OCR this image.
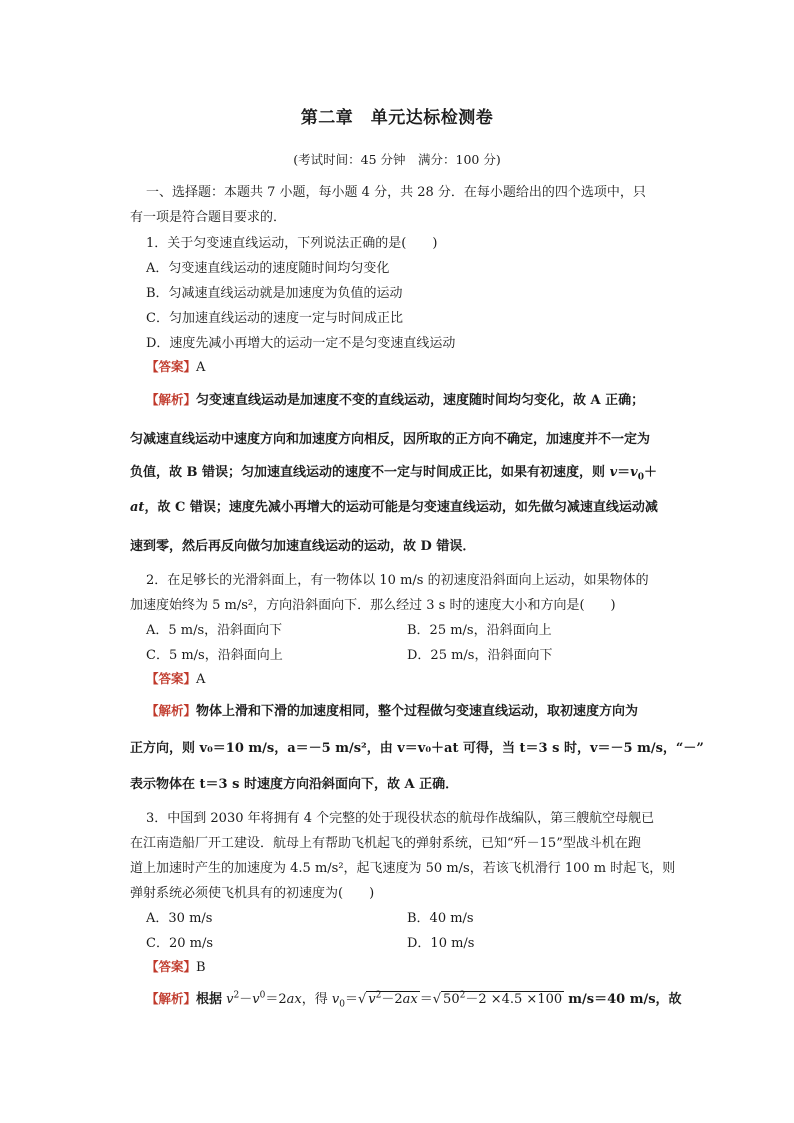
第二章　单元达标检测卷
(考试时间：45 分钟　满分：100 分)
一、选择题：本题共 7 小题，每小题 4 分，共 28 分．在每小题给出的四个选项中，只
有一项是符合题目要求的．
1．关于匀变速直线运动，下列说法正确的是(　　)
A．匀变速直线运动的速度随时间均匀变化
B．匀减速直线运动就是加速度为负值的运动
C．匀加速直线运动的速度一定与时间成正比
D．速度先减小再增大的运动一定不是匀变速直线运动
【答案】A
【解析】匀变速直线运动是加速度不变的直线运动，速度随时间均匀变化，故 A 正确；
匀减速直线运动中速度方向和加速度方向相反，因所取的正方向不确定，加速度并不一定为
负值，故 B 错误；匀加速直线运动的速度不一定与时间成正比，如果有初速度，则 $v=v_0+$
at，故 C 错误；速度先减小再增大的运动可能是匀变速直线运动，如先做匀减速直线运动减
速到零，然后再反向做匀加速直线运动的运动，故 D 错误．
2．在足够长的光滑斜面上，有一物体以 10 m/s 的初速度沿斜面向上运动，如果物体的
加速度始终为 5 m/s²，方向沿斜面向下．那么经过 3 s 时的速度大小和方向是(　　)
A．5 m/s，沿斜面向下	B．25 m/s，沿斜面向上
C．5 m/s，沿斜面向上	D．25 m/s，沿斜面向下
【答案】A
【解析】物体上滑和下滑的加速度相同，整个过程做匀变速直线运动，取初速度方向为
正方向，则 v₀＝10 m/s，a＝－5 m/s²，由 v＝v₀＋at 可得，当 t＝3 s 时，v＝－5 m/s，“－”
表示物体在 t＝3 s 时速度方向沿斜面向下，故 A 正确．
3．中国到 2030 年将拥有 4 个完整的处于现役状态的航母作战编队，第三艘航空母舰已
在江南造船厂开工建设．航母上有帮助飞机起飞的弹射系统，已知“歼－15”型战斗机在跑
道上加速时产生的加速度为 4.5 m/s²，起飞速度为 50 m/s，若该飞机滑行 100 m 时起飞，则
弹射系统必须使飞机具有的初速度为(　　)
A．30 m/s	B．40 m/s
C．20 m/s	D．10 m/s
【答案】B
【解析】根据 $v^2-v^0=2ax$，得 $v_0=√$ $v^2-2ax$ ＝√ $50^2-2 \times 4.5 \times 100$ m/s＝40 m/s，故
